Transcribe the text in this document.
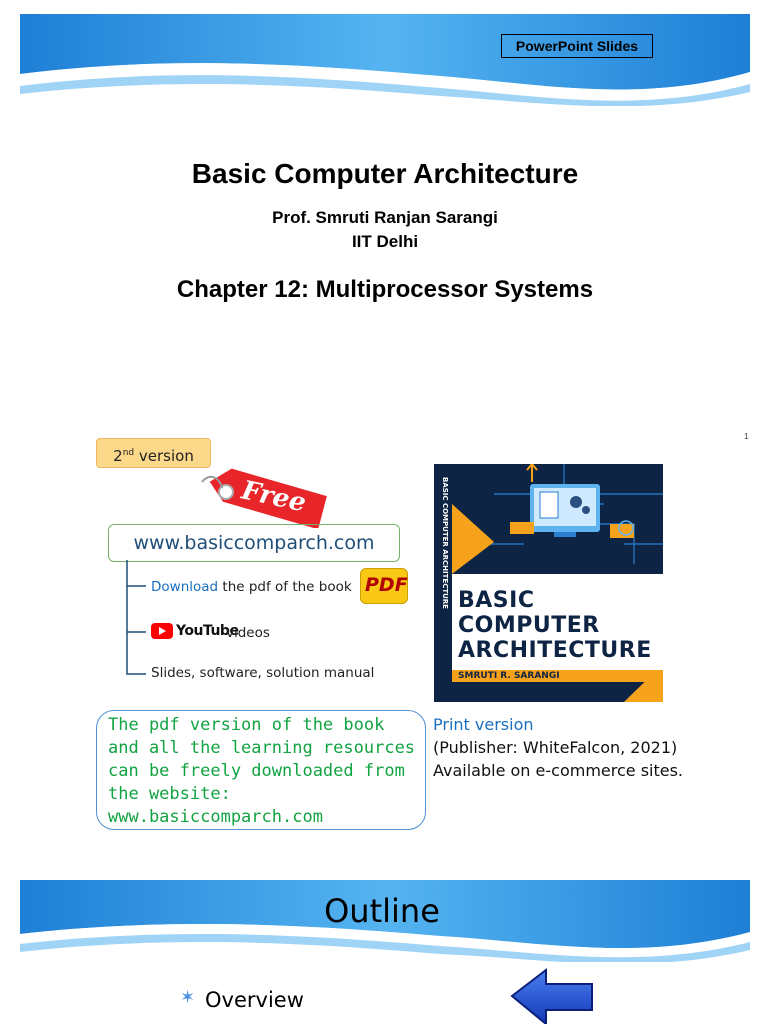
PowerPoint Slides
Basic Computer Architecture
Prof. Smruti Ranjan Sarangi
IIT Delhi
Chapter 12: Multiprocessor Systems
1
2nd version
Free
www.basiccomparch.com
Download the pdf of the book PDF
YouTube
videos
Slides, software, solution manual
The pdf version of the book and all the learning resources can be freely downloaded from the website: www.basiccomparch.com
BASIC
COMPUTER
ARCHITECTURE
SMRUTI R. SARANGI
BASIC COMPUTER ARCHITECTURE
Print version
(Publisher: WhiteFalcon, 2021)
Available on e-commerce sites.
Outline
✶ Overview
